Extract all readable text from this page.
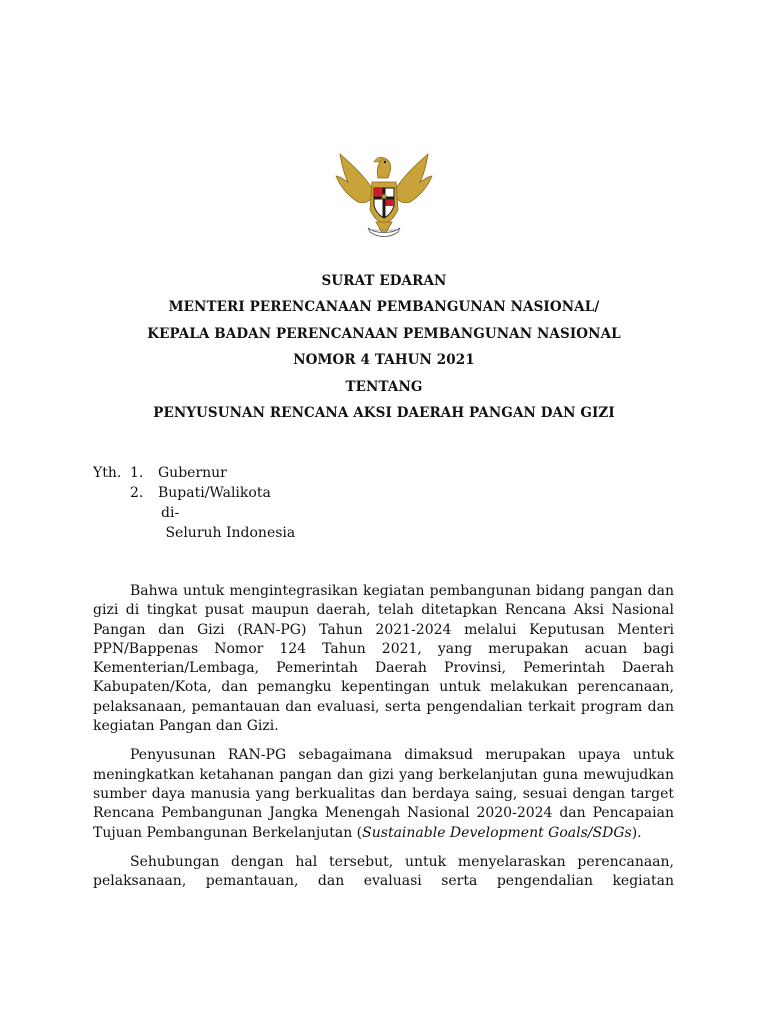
SURAT EDARAN
MENTERI PERENCANAAN PEMBANGUNAN NASIONAL/
KEPALA BADAN PERENCANAAN PEMBANGUNAN NASIONAL
NOMOR 4 TAHUN 2021
TENTANG
PENYUSUNAN RENCANA AKSI DAERAH PANGAN DAN GIZI
Yth. 1.	Gubernur
2.	Bupati/Walikota
di-
Seluruh Indonesia

Bahwa untuk mengintegrasikan kegiatan pembangunan bidang pangan dan gizi di tingkat pusat maupun daerah, telah ditetapkan Rencana Aksi Nasional Pangan dan Gizi (RAN-PG) Tahun 2021-2024 melalui Keputusan Menteri PPN/Bappenas Nomor 124 Tahun 2021, yang merupakan acuan bagi Kementerian/Lembaga, Pemerintah Daerah Provinsi, Pemerintah Daerah Kabupaten/Kota, dan pemangku kepentingan untuk melakukan perencanaan, pelaksanaan, pemantauan dan evaluasi, serta pengendalian terkait program dan kegiatan Pangan dan Gizi.

Penyusunan RAN-PG sebagaimana dimaksud merupakan upaya untuk meningkatkan ketahanan pangan dan gizi yang berkelanjutan guna mewujudkan sumber daya manusia yang berkualitas dan berdaya saing, sesuai dengan target Rencana Pembangunan Jangka Menengah Nasional 2020-2024 dan Pencapaian Tujuan Pembangunan Berkelanjutan (Sustainable Development Goals/SDGs).

Sehubungan dengan hal tersebut, untuk menyelaraskan perencanaan, pelaksanaan, pemantauan, dan evaluasi serta pengendalian kegiatan
